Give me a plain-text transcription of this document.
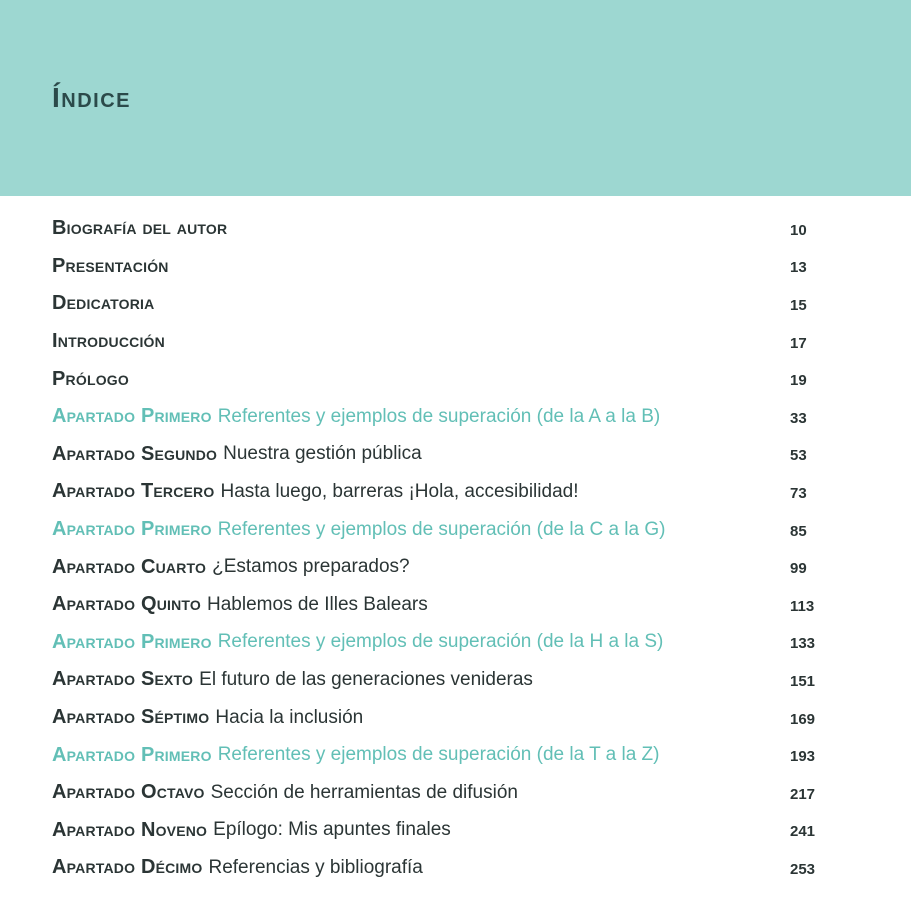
Índice
Biografía del autor	10
Presentación	13
Dedicatoria	15
Introducción	17
Prólogo	19
Apartado Primero Referentes y ejemplos de superación (de la A a la B)	33
Apartado Segundo Nuestra gestión pública	53
Apartado Tercero Hasta luego, barreras ¡Hola, accesibilidad!	73
Apartado Primero Referentes y ejemplos de superación (de la C a la G)	85
Apartado Cuarto ¿Estamos preparados?	99
Apartado Quinto Hablemos de Illes Balears	113
Apartado Primero Referentes y ejemplos de superación (de la H a la S)	133
Apartado Sexto El futuro de las generaciones venideras	151
Apartado Séptimo Hacia la inclusión	169
Apartado Primero Referentes y ejemplos de superación (de la T a la Z)	193
Apartado Octavo Sección de herramientas de difusión	217
Apartado Noveno Epílogo: Mis apuntes finales	241
Apartado Décimo Referencias y bibliografía	253
